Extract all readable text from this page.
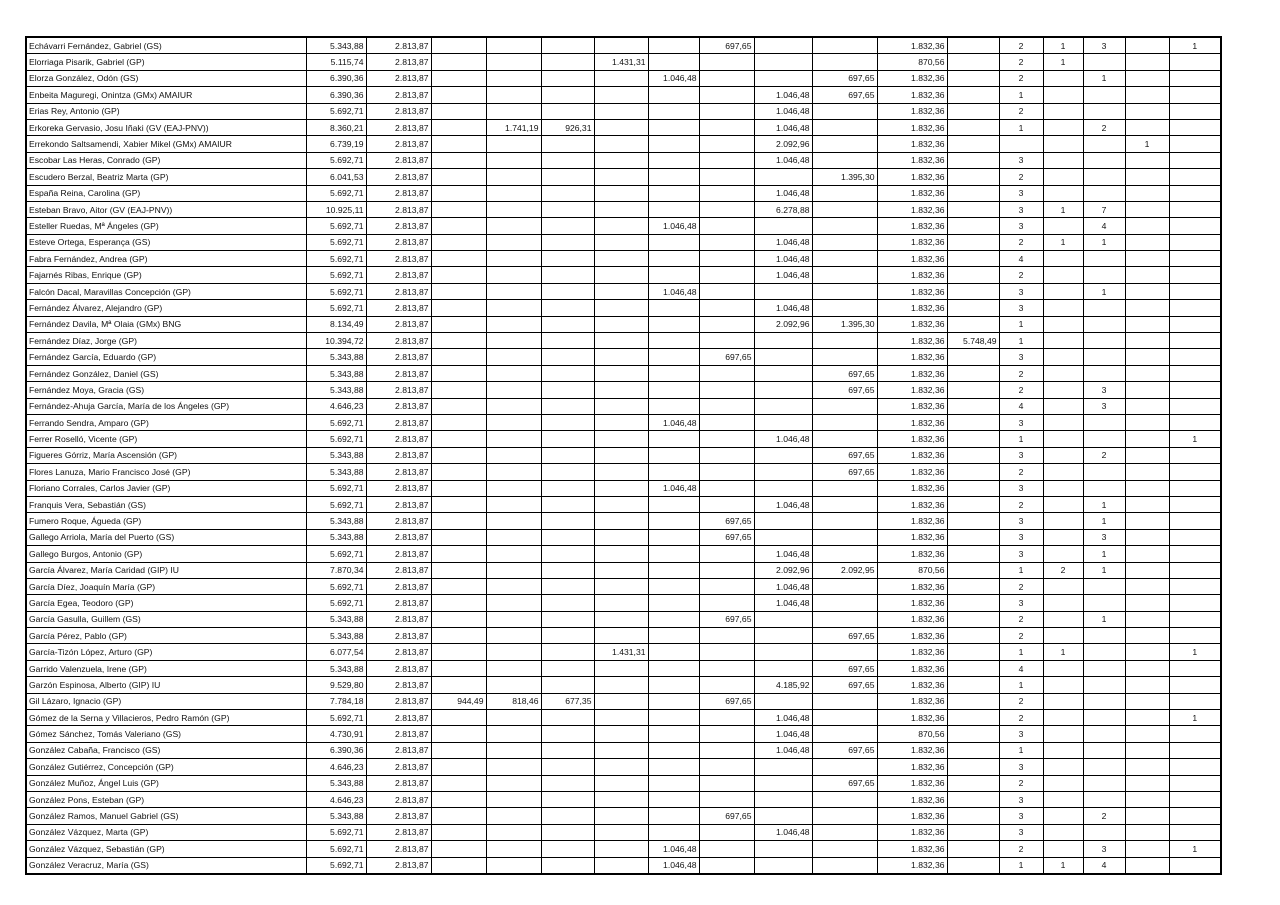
Echávarri Fernández, Gabriel (GS)	5.343,88	2.813,87						697,65			1.832,36		2	1	3		1
Elorriaga Pisarik, Gabriel (GP)	5.115,74	2.813,87				1.431,31					870,56		2	1			
Elorza González, Odón (GS)	6.390,36	2.813,87					1.046,48			697,65	1.832,36		2		1		
Enbeita Maguregi, Onintza (GMx) AMAIUR	6.390,36	2.813,87							1.046,48	697,65	1.832,36		1				
Erias Rey, Antonio (GP)	5.692,71	2.813,87							1.046,48		1.832,36		2				
Erkoreka Gervasio, Josu Iñaki (GV (EAJ-PNV))	8.360,21	2.813,87		1.741,19	926,31				1.046,48		1.832,36		1		2		
Errekondo Saltsamendi, Xabier Mikel (GMx) AMAIUR	6.739,19	2.813,87							2.092,96		1.832,36					1	
Escobar Las Heras, Conrado (GP)	5.692,71	2.813,87							1.046,48		1.832,36		3				
Escudero Berzal, Beatriz Marta (GP)	6.041,53	2.813,87								1.395,30	1.832,36		2				
España Reina, Carolina (GP)	5.692,71	2.813,87							1.046,48		1.832,36		3				
Esteban Bravo, Aitor (GV (EAJ-PNV))	10.925,11	2.813,87							6.278,88		1.832,36		3	1	7		
Esteller Ruedas, Mª Ángeles (GP)	5.692,71	2.813,87					1.046,48				1.832,36		3		4		
Esteve Ortega, Esperança (GS)	5.692,71	2.813,87							1.046,48		1.832,36		2	1	1		
Fabra Fernández, Andrea (GP)	5.692,71	2.813,87							1.046,48		1.832,36		4				
Fajarnés Ribas, Enrique (GP)	5.692,71	2.813,87							1.046,48		1.832,36		2				
Falcón Dacal, Maravillas Concepción (GP)	5.692,71	2.813,87					1.046,48				1.832,36		3		1		
Fernández Álvarez, Alejandro (GP)	5.692,71	2.813,87							1.046,48		1.832,36		3				
Fernández Davila, Mª Olaia (GMx) BNG	8.134,49	2.813,87							2.092,96	1.395,30	1.832,36		1				
Fernández Díaz, Jorge (GP)	10.394,72	2.813,87									1.832,36	5.748,49	1				
Fernández García, Eduardo (GP)	5.343,88	2.813,87						697,65			1.832,36		3				
Fernández González, Daniel (GS)	5.343,88	2.813,87								697,65	1.832,36		2				
Fernández Moya, Gracia (GS)	5.343,88	2.813,87								697,65	1.832,36		2		3		
Fernández-Ahuja García, María de los Ángeles (GP)	4.646,23	2.813,87									1.832,36		4		3		
Ferrando Sendra, Amparo (GP)	5.692,71	2.813,87					1.046,48				1.832,36		3				
Ferrer Roselló, Vicente (GP)	5.692,71	2.813,87							1.046,48		1.832,36		1				1
Figueres Górriz, María Ascensión (GP)	5.343,88	2.813,87								697,65	1.832,36		3		2		
Flores Lanuza, Mario Francisco José (GP)	5.343,88	2.813,87								697,65	1.832,36		2				
Floriano Corrales, Carlos Javier (GP)	5.692,71	2.813,87					1.046,48				1.832,36		3				
Franquis Vera, Sebastián (GS)	5.692,71	2.813,87							1.046,48		1.832,36		2		1		
Fumero Roque, Águeda (GP)	5.343,88	2.813,87						697,65			1.832,36		3		1		
Gallego Arriola, María del Puerto (GS)	5.343,88	2.813,87						697,65			1.832,36		3		3		
Gallego Burgos, Antonio (GP)	5.692,71	2.813,87							1.046,48		1.832,36		3		1		
García Álvarez, María Caridad (GIP) IU	7.870,34	2.813,87							2.092,96	2.092,95	870,56		1	2	1		
García Díez, Joaquín María (GP)	5.692,71	2.813,87							1.046,48		1.832,36		2				
García Egea, Teodoro (GP)	5.692,71	2.813,87							1.046,48		1.832,36		3				
García Gasulla, Guillem (GS)	5.343,88	2.813,87						697,65			1.832,36		2		1		
García Pérez, Pablo (GP)	5.343,88	2.813,87								697,65	1.832,36		2				
García-Tizón López, Arturo (GP)	6.077,54	2.813,87				1.431,31					1.832,36		1	1			1
Garrido Valenzuela, Irene (GP)	5.343,88	2.813,87								697,65	1.832,36		4				
Garzón Espinosa, Alberto (GIP) IU	9.529,80	2.813,87							4.185,92	697,65	1.832,36		1				
Gil Lázaro, Ignacio (GP)	7.784,18	2.813,87	944,49	818,46	677,35			697,65			1.832,36		2				
Gómez de la Serna y Villacieros, Pedro Ramón (GP)	5.692,71	2.813,87							1.046,48		1.832,36		2				1
Gómez Sánchez, Tomás Valeriano (GS)	4.730,91	2.813,87							1.046,48		870,56		3				
González Cabaña, Francisco (GS)	6.390,36	2.813,87							1.046,48	697,65	1.832,36		1				
González Gutiérrez, Concepción (GP)	4.646,23	2.813,87									1.832,36		3				
González Muñoz, Ángel Luis (GP)	5.343,88	2.813,87								697,65	1.832,36		2				
González Pons, Esteban (GP)	4.646,23	2.813,87									1.832,36		3				
González Ramos, Manuel Gabriel (GS)	5.343,88	2.813,87						697,65			1.832,36		3		2		
González Vázquez, Marta (GP)	5.692,71	2.813,87							1.046,48		1.832,36		3				
González Vázquez, Sebastián (GP)	5.692,71	2.813,87					1.046,48				1.832,36		2		3		1
González Veracruz, María (GS)	5.692,71	2.813,87					1.046,48				1.832,36		1	1	4		
